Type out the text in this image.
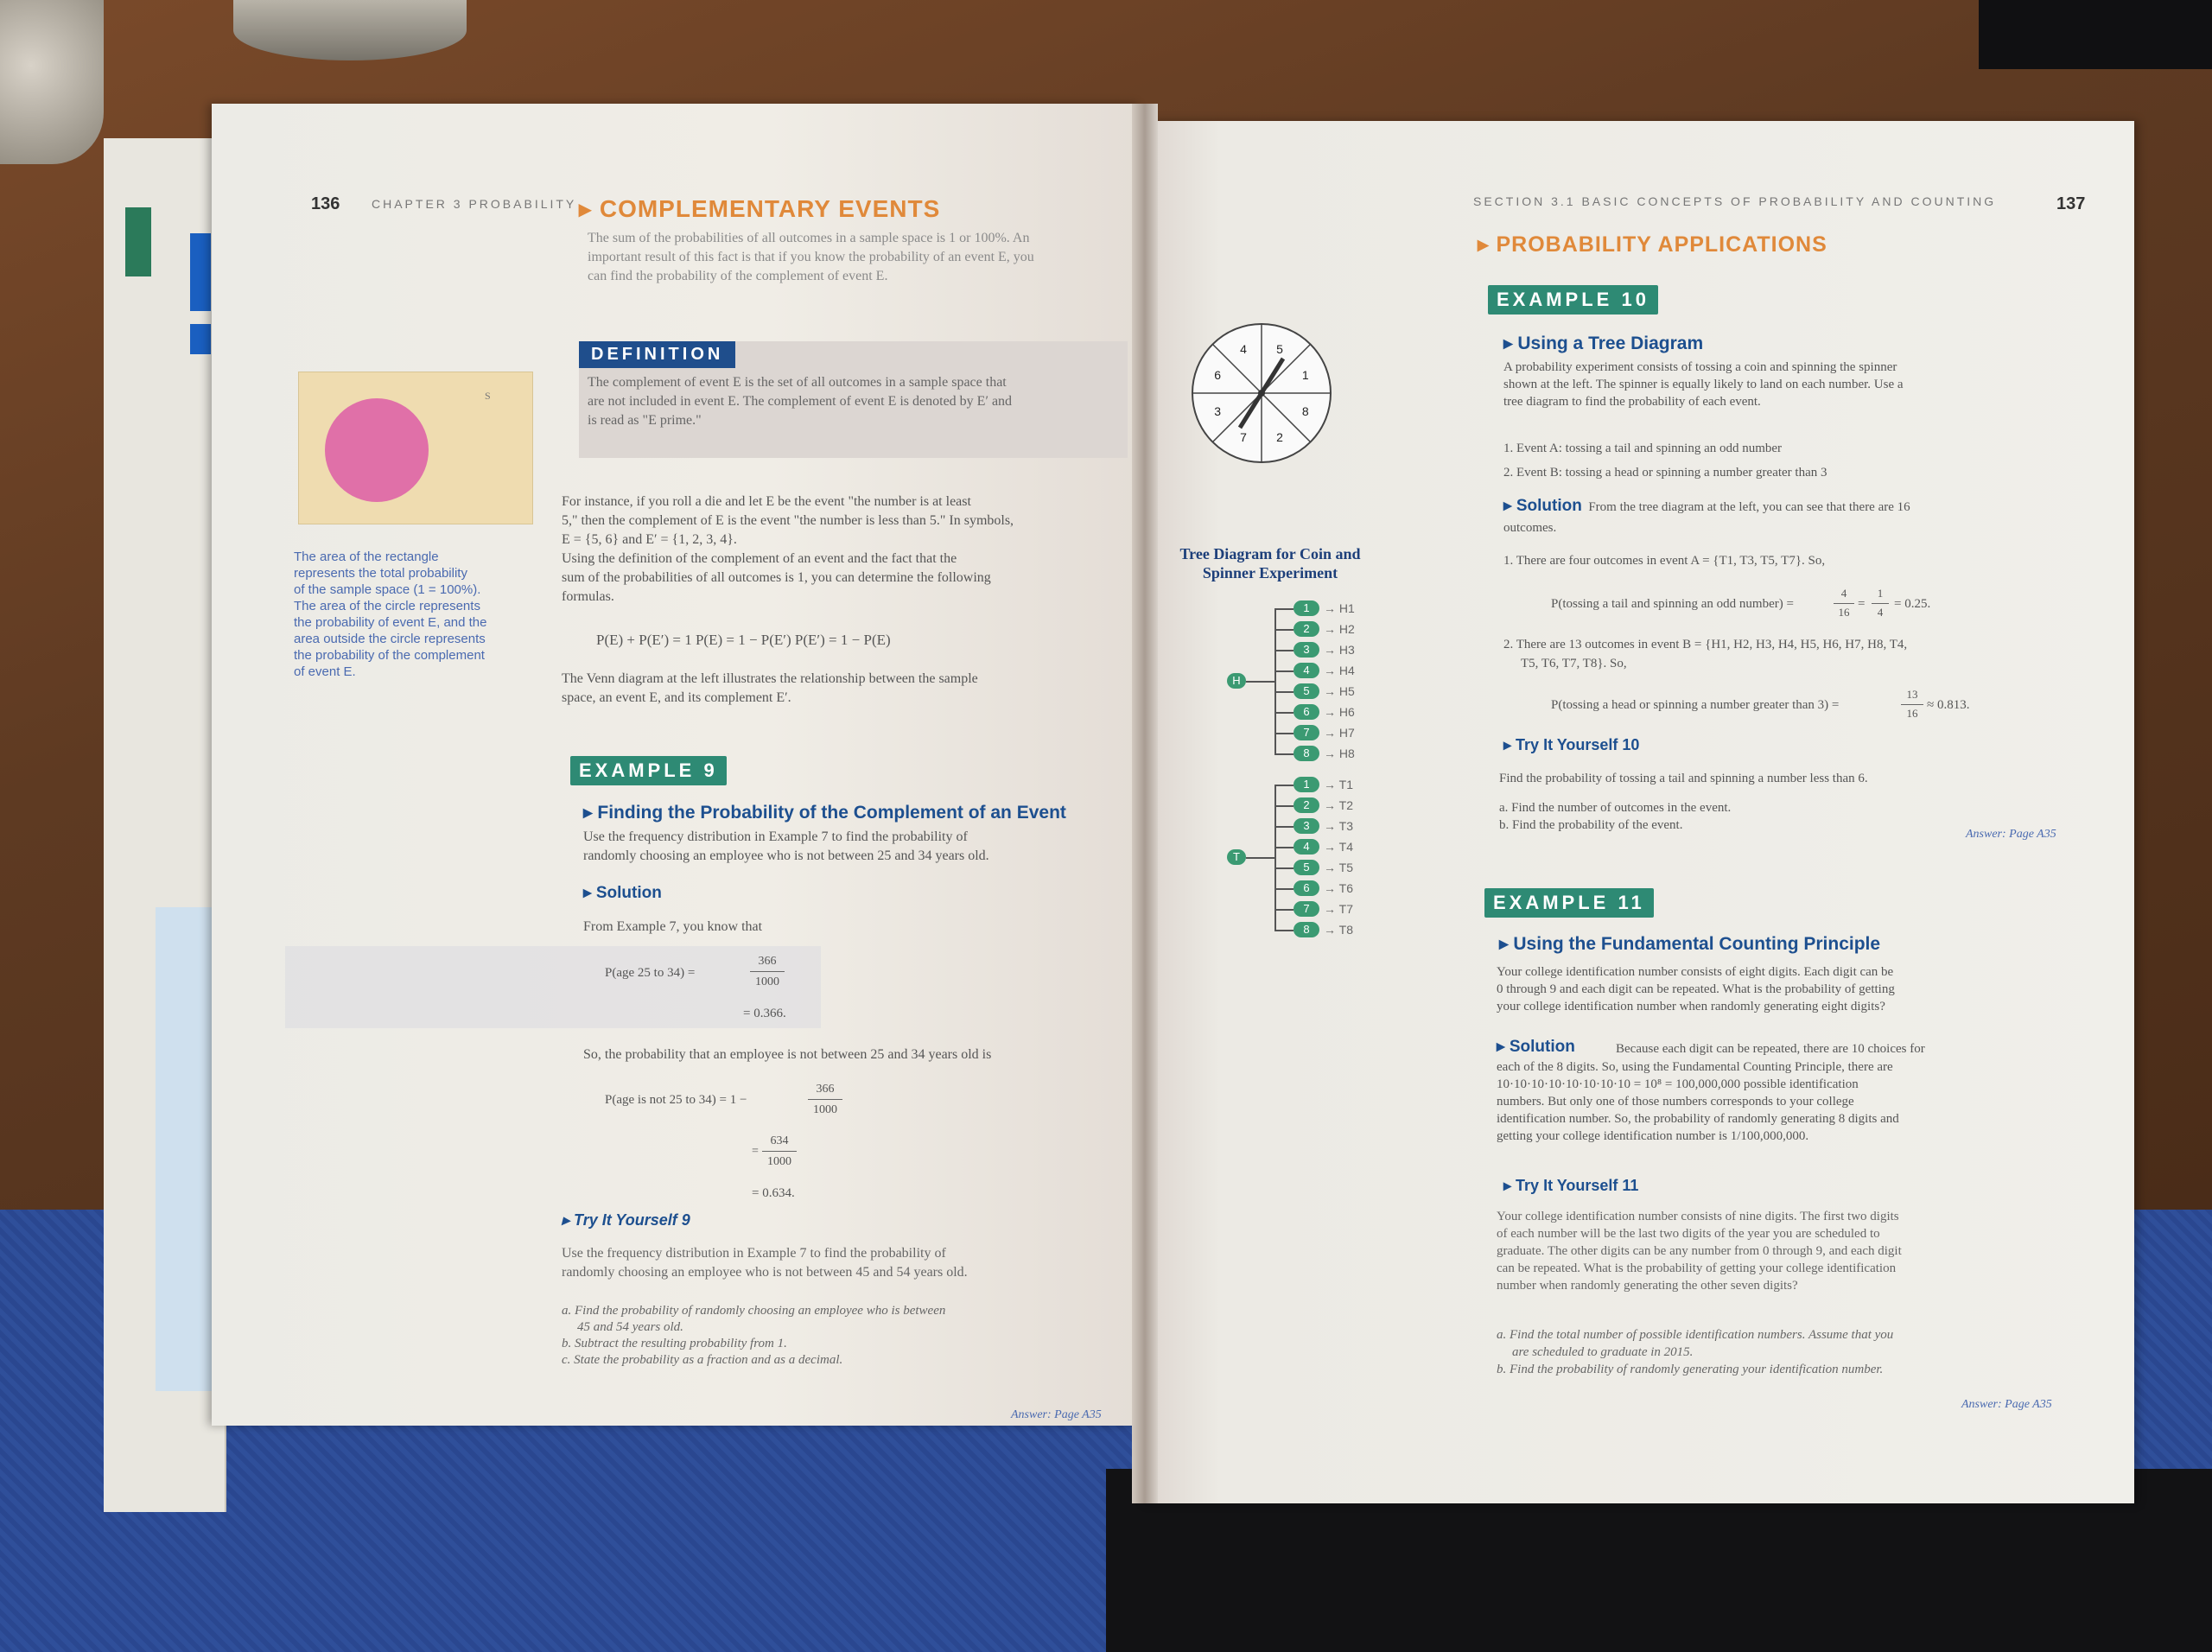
136	CHAPTER 3 PROBABILITY ▸ COMPLEMENTARY EVENTS
The sum of the probabilities of all outcomes in a sample space is 1 or 100%. An
important result of this fact is that if you know the probability of an event E, you
can find the probability of the complement of event E.
DEFINITION
The complement of event E is the set of all outcomes in a sample space that
are not included in event E. The complement of event E is denoted by E′ and
is read as "E prime."
S
The area of the rectangle
represents the total probability
of the sample space (1 = 100%).
The area of the circle represents
the probability of event E, and the
area outside the circle represents
the probability of the complement
of event E.
For instance, if you roll a die and let E be the event "the number is at least
5," then the complement of E is the event "the number is less than 5." In symbols,
E = {5, 6} and E′ = {1, 2, 3, 4}.
Using the definition of the complement of an event and the fact that the
sum of the probabilities of all outcomes is 1, you can determine the following
formulas.
P(E) + P(E′) = 1 P(E) = 1 − P(E′) P(E′) = 1 − P(E)
The Venn diagram at the left illustrates the relationship between the sample
space, an event E, and its complement E′.
EXAMPLE 9
▸ Finding the Probability of the Complement of an Event
Use the frequency distribution in Example 7 to find the probability of
randomly choosing an employee who is not between 25 and 34 years old.
▸ Solution
From Example 7, you know that
P(age 25 to 34) =
366
1000
= 0.366.
So, the probability that an employee is not between 25 and 34 years old is
P(age is not 25 to 34) = 1 −
366
1000
=
634
1000
= 0.634.
▸ Try It Yourself 9
Use the frequency distribution in Example 7 to find the probability of
randomly choosing an employee who is not between 45 and 54 years old.
a. Find the probability of randomly choosing an employee who is between
45 and 54 years old.
b. Subtract the resulting probability from 1.
c. State the probability as a fraction and as a decimal.
Answer: Page A35
SECTION 3.1 BASIC CONCEPTS OF PROBABILITY AND COUNTING	137
▸ PROBABILITY APPLICATIONS
5
1
8
2
7
3
6
4
Tree Diagram for Coin and
Spinner Experiment
1	→ H1
2	→ H2
3	→ H3
4	→ H4
5	→ H5
6	→ H6
7	→ H7
8	→ H8
1	→ T1
2	→ T2
3	→ T3
4	→ T4
5	→ T5
6	→ T6
7	→ T7
8	→ T8
H
T
EXAMPLE 10
▸ Using a Tree Diagram
A probability experiment consists of tossing a coin and spinning the spinner
shown at the left. The spinner is equally likely to land on each number. Use a
tree diagram to find the probability of each event.
1. Event A: tossing a tail and spinning an odd number
2. Event B: tossing a head or spinning a number greater than 3
▸ Solution From the tree diagram at the left, you can see that there are 16
outcomes.
1. There are four outcomes in event A = {T1, T3, T5, T7}. So,
P(tossing a tail and spinning an odd number) =
4
16
=
1
4
= 0.25.
2. There are 13 outcomes in event B = {H1, H2, H3, H4, H5, H6, H7, H8, T4,
T5, T6, T7, T8}. So,
P(tossing a head or spinning a number greater than 3) =
13
16
≈ 0.813.
▸ Try It Yourself 10
Find the probability of tossing a tail and spinning a number less than 6.
a. Find the number of outcomes in the event.
b. Find the probability of the event.
Answer: Page A35
EXAMPLE 11
▸ Using the Fundamental Counting Principle
Your college identification number consists of eight digits. Each digit can be
0 through 9 and each digit can be repeated. What is the probability of getting
your college identification number when randomly generating eight digits?
▸ Solution	Because each digit can be repeated, there are 10 choices for
each of the 8 digits. So, using the Fundamental Counting Principle, there are
10·10·10·10·10·10·10·10 = 10⁸ = 100,000,000 possible identification
numbers. But only one of those numbers corresponds to your college
identification number. So, the probability of randomly generating 8 digits and
getting your college identification number is 1/100,000,000.
▸ Try It Yourself 11
Your college identification number consists of nine digits. The first two digits
of each number will be the last two digits of the year you are scheduled to
graduate. The other digits can be any number from 0 through 9, and each digit
can be repeated. What is the probability of getting your college identification
number when randomly generating the other seven digits?
a. Find the total number of possible identification numbers. Assume that you
are scheduled to graduate in 2015.
b. Find the probability of randomly generating your identification number.
Answer: Page A35
